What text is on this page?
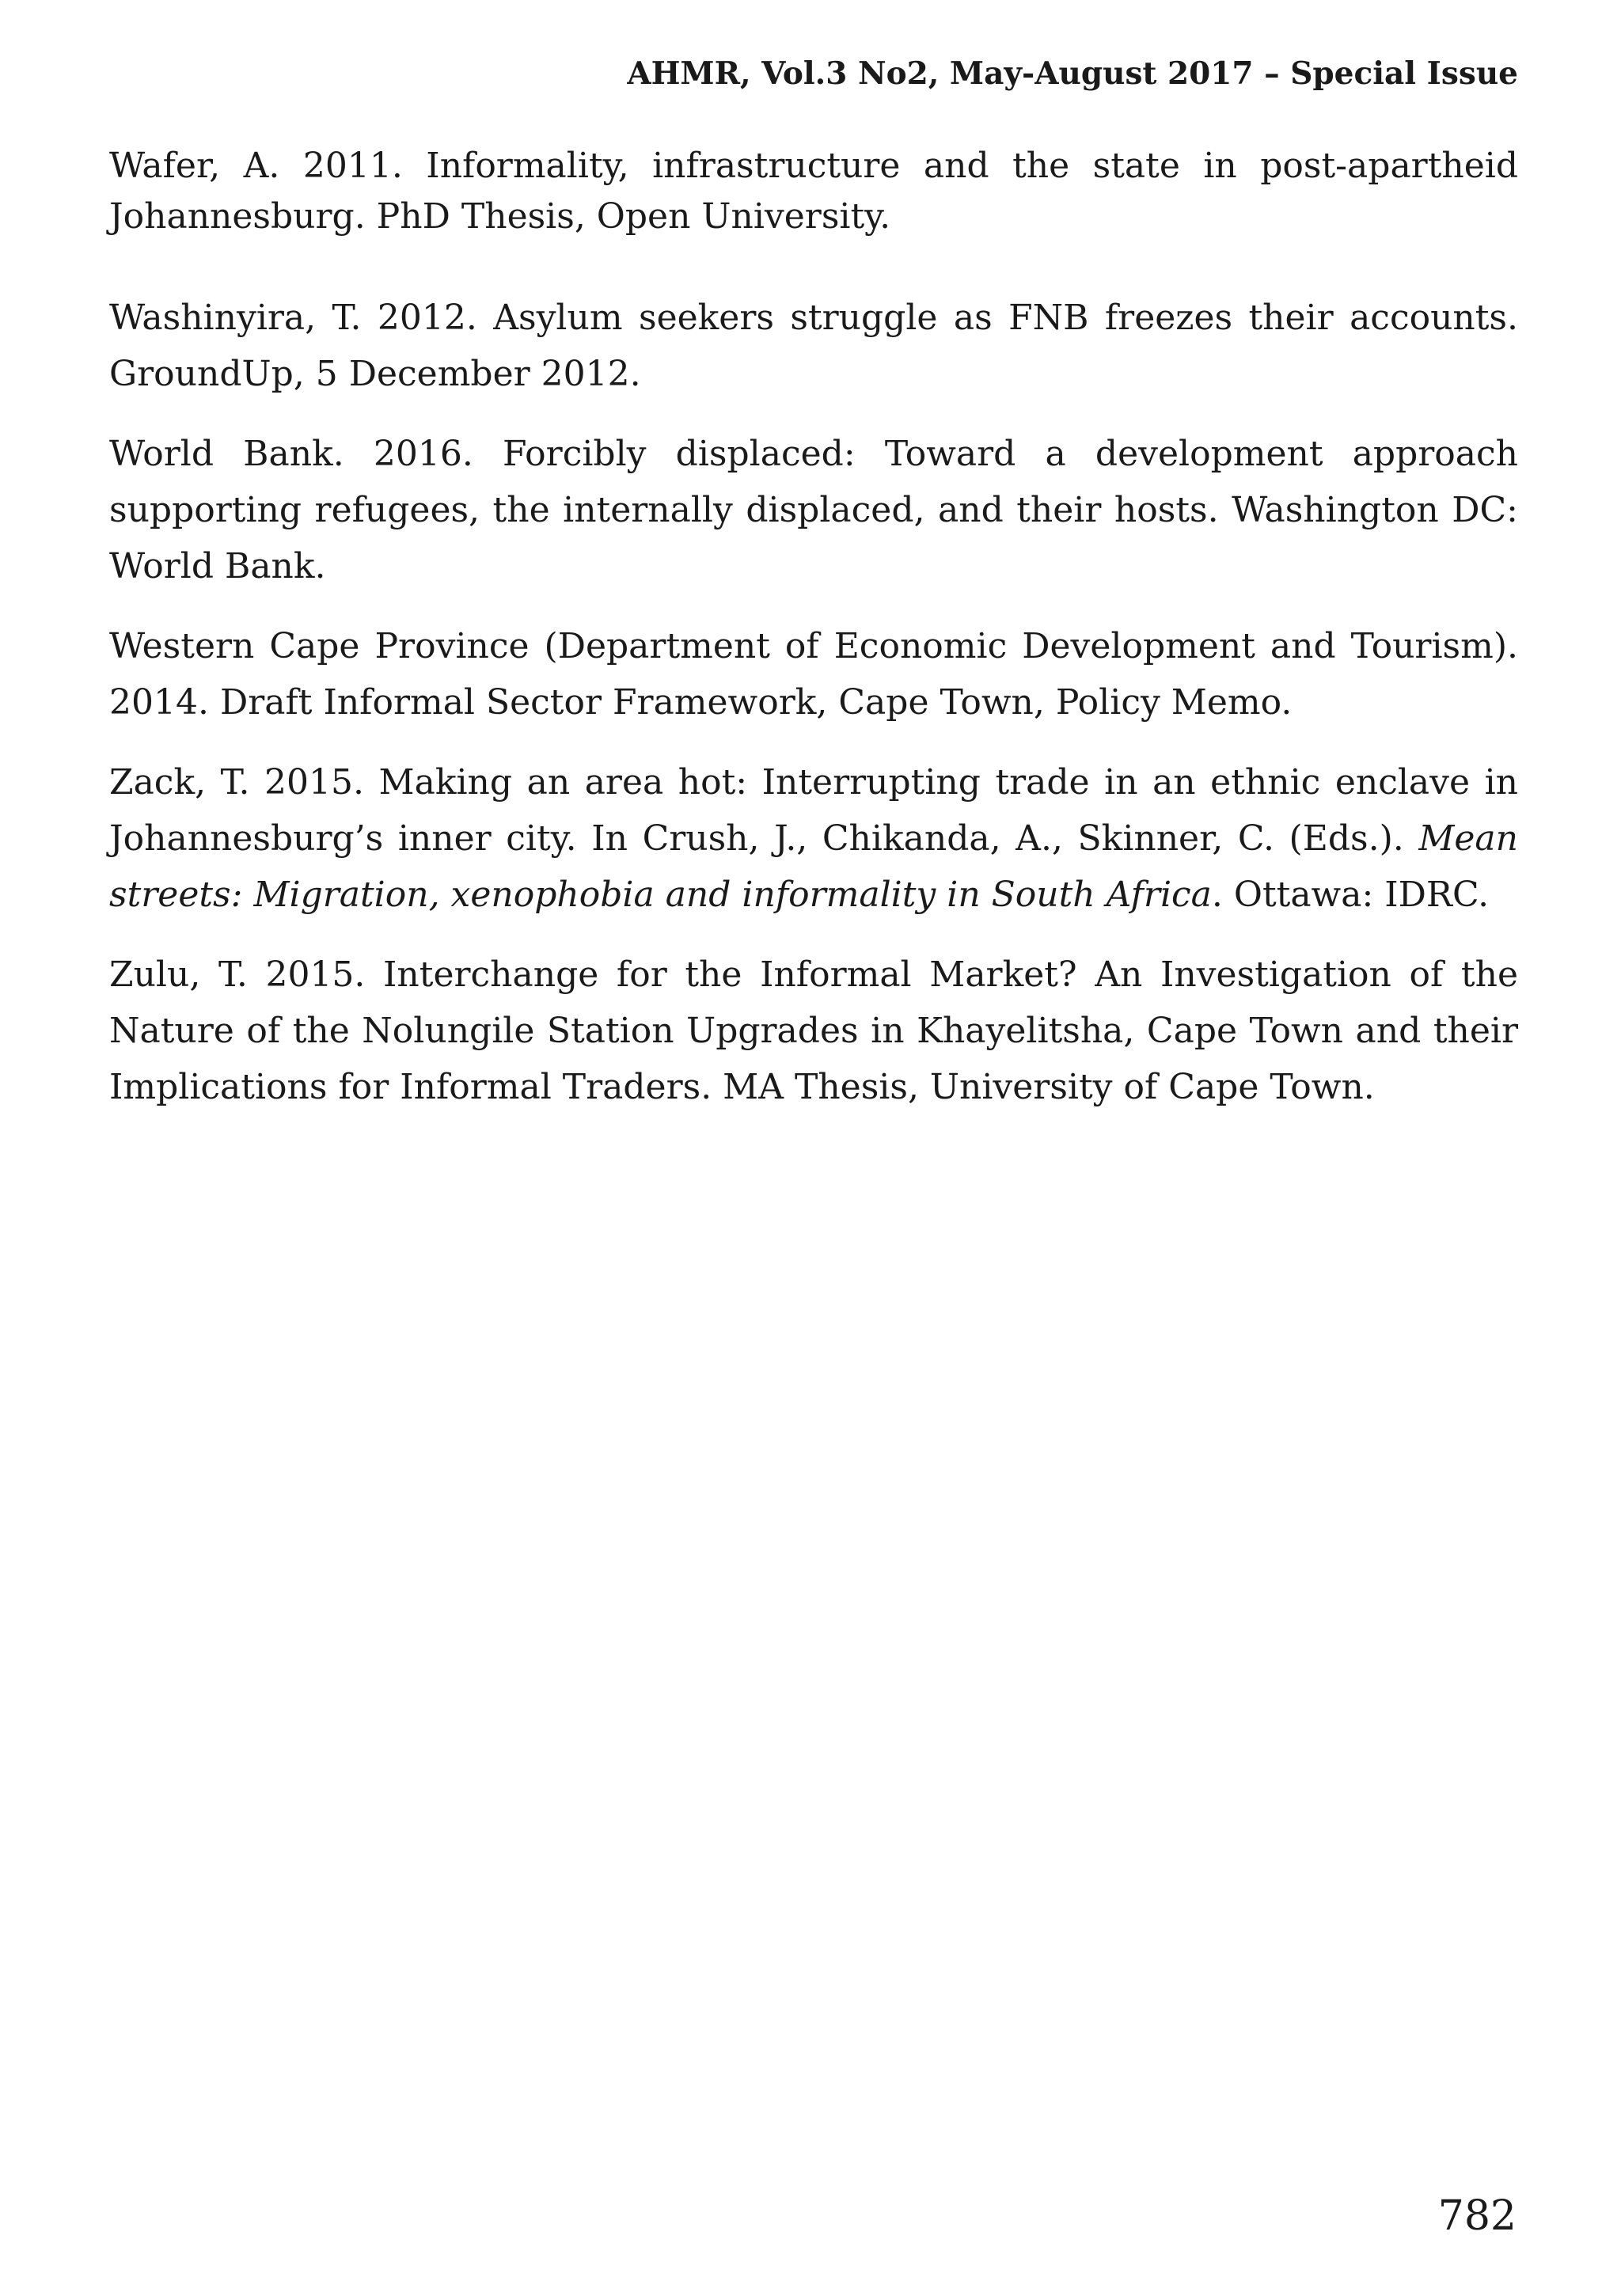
AHMR, Vol.3 No2, May-August 2017 – Special Issue

Wafer, A. 2011. Informality, infrastructure and the state in post-apartheid Johannesburg. PhD Thesis, Open University.

Washinyira, T. 2012. Asylum seekers struggle as FNB freezes their accounts. GroundUp, 5 December 2012.

World Bank. 2016. Forcibly displaced: Toward a development approach supporting refugees, the internally displaced, and their hosts. Washington DC: World Bank.

Western Cape Province (Department of Economic Development and Tourism). 2014. Draft Informal Sector Framework, Cape Town, Policy Memo.

Zack, T. 2015. Making an area hot: Interrupting trade in an ethnic enclave in Johannesburg’s inner city. In Crush, J., Chikanda, A., Skinner, C. (Eds.). Mean streets: Migration, xenophobia and informality in South Africa. Ottawa: IDRC.

Zulu, T. 2015. Interchange for the Informal Market? An Investigation of the Nature of the Nolungile Station Upgrades in Khayelitsha, Cape Town and their Implications for Informal Traders. MA Thesis, University of Cape Town.

782
